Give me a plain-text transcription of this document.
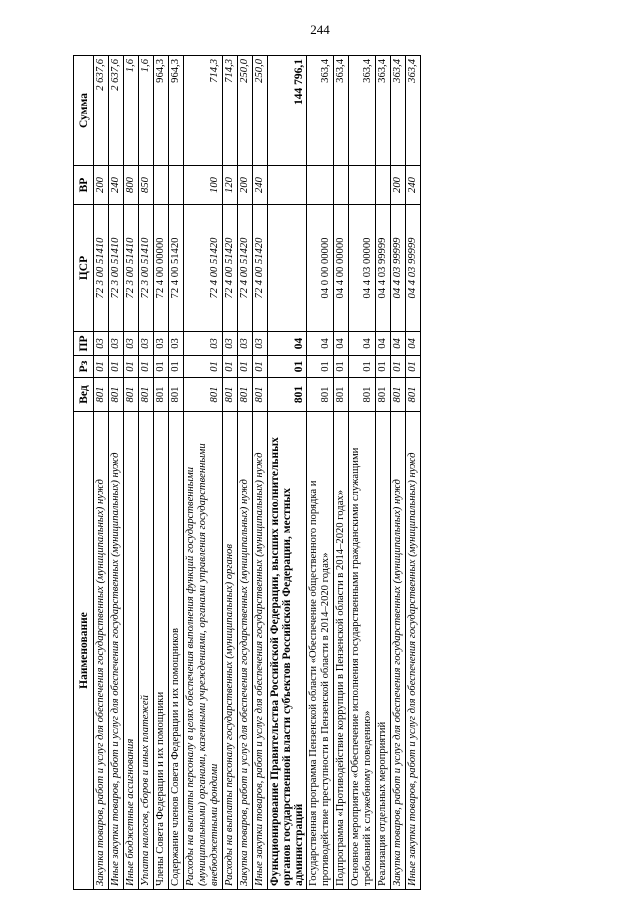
244
Наименование	Вед	Рз	ПР	ЦСР	ВР	Сумма
Закупка товаров, работ и услуг для обеспечения государственных (муниципальных) нужд	801	01	03	72 3 00 51410	200	2 637,6
Иные закупки товаров, работ и услуг для обеспечения государственных (муниципальных) нужд	801	01	03	72 3 00 51410	240	2 637,6
Иные бюджетные ассигнования	801	01	03	72 3 00 51410	800	1,6
Уплата налогов, сборов и иных платежей	801	01	03	72 3 00 51410	850	1,6
Члены Совета Федерации и их помощники	801	01	03	72 4 00 00000		964,3
Содержание членов Совета Федерации и их помощников	801	01	03	72 4 00 51420		964,3
Расходы на выплаты персоналу в целях обеспечения выполнения функций государственными (муниципальными) органами, казенными учреждениями, органами управления государственными внебюджетными фондами	801	01	03	72 4 00 51420	100	714,3
Расходы на выплаты персоналу государственных (муниципальных) органов	801	01	03	72 4 00 51420	120	714,3
Закупка товаров, работ и услуг для обеспечения государственных (муниципальных) нужд	801	01	03	72 4 00 51420	200	250,0
Иные закупки товаров, работ и услуг для обеспечения государственных (муниципальных) нужд	801	01	03	72 4 00 51420	240	250,0
Функционирование Правительства Российской Федерации, высших исполнительных органов государственной власти субъектов Российской Федерации, местных администраций	801	01	04			144 796,1
Государственная программа Пензенской области «Обеспечение общественного порядка и противодействие преступности в Пензенской области в 2014–2020 годах»	801	01	04	04 0 00 00000		363,4
Подпрограмма «Противодействие коррупции в Пензенской области в 2014–2020 годах»	801	01	04	04 4 00 00000		363,4
Основное мероприятие «Обеспечение исполнения государственными гражданскими служащими требований к служебному поведению»	801	01	04	04 4 03 00000		363,4
Реализация отдельных мероприятий	801	01	04	04 4 03 99999		363,4
Закупка товаров, работ и услуг для обеспечения государственных (муниципальных) нужд	801	01	04	04 4 03 99999	200	363,4
Иные закупки товаров, работ и услуг для обеспечения государственных (муниципальных) нужд	801	01	04	04 4 03 99999	240	363,4
